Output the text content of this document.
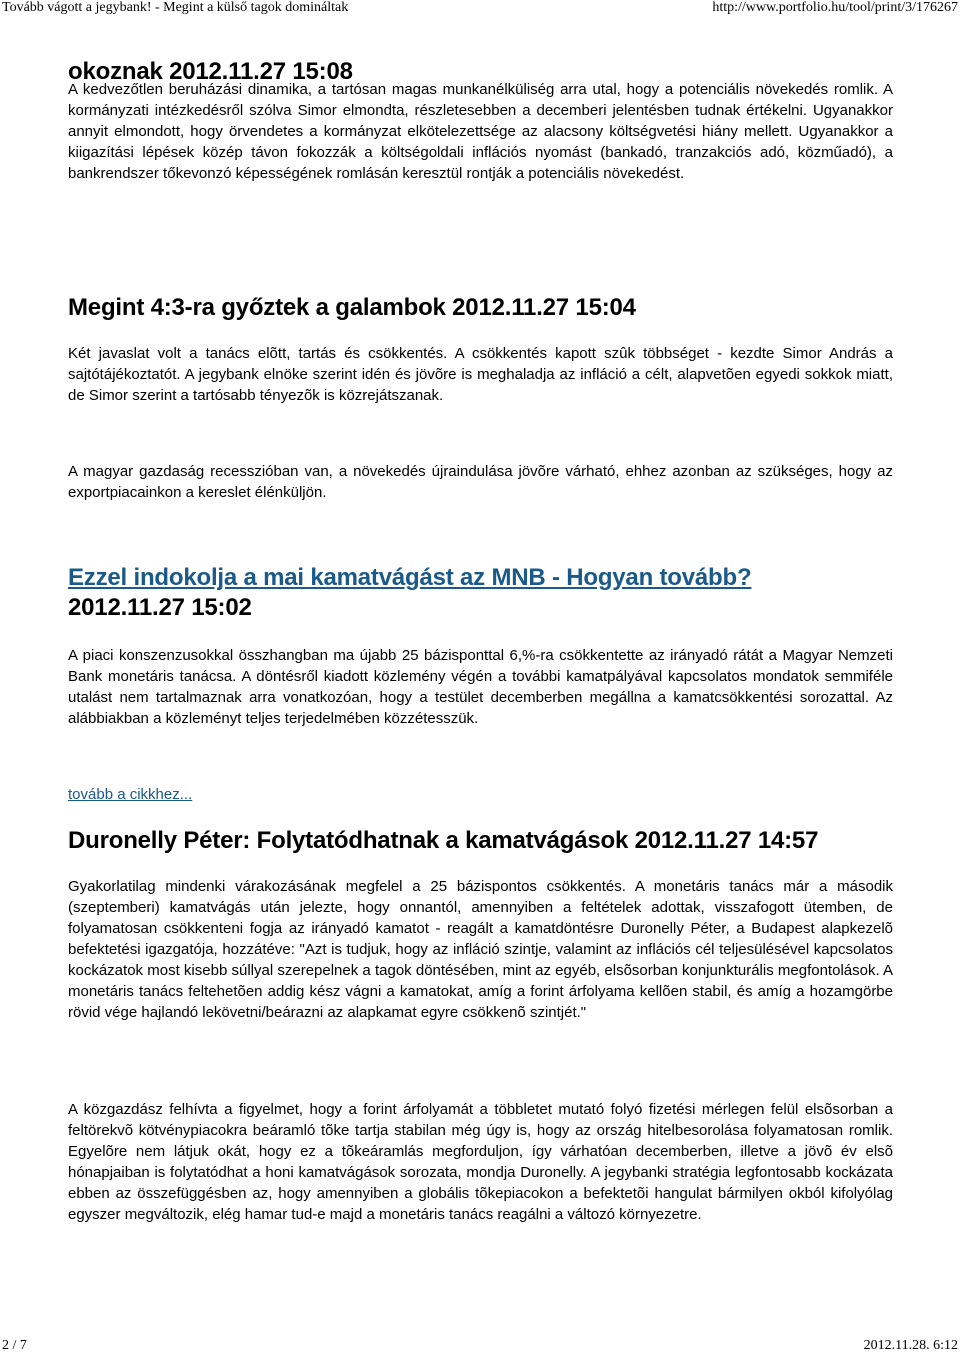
Tovább vágott a jegybank! - Megint a külső tagok domináltak	http://www.portfolio.hu/tool/print/3/176267
okoznak 2012.11.27 15:08

A kedvezőtlen beruházási dinamika, a tartósan magas munkanélküliség arra utal, hogy a potenciális növekedés romlik. A kormányzati intézkedésről szólva Simor elmondta, részletesebben a decemberi jelentésben tudnak értékelni. Ugyanakkor annyit elmondott, hogy örvendetes a kormányzat elkötelezettsége az alacsony költségvetési hiány mellett. Ugyanakkor a kiigazítási lépések közép távon fokozzák a költségoldali inflációs nyomást (bankadó, tranzakciós adó, közműadó), a bankrendszer tőkevonzó képességének romlásán keresztül rontják a potenciális növekedést.

Megint 4:3-ra győztek a galambok 2012.11.27 15:04

Két javaslat volt a tanács elõtt, tartás és csökkentés. A csökkentés kapott szûk többséget - kezdte Simor András a sajtótájékoztatót. A jegybank elnöke szerint idén és jövõre is meghaladja az infláció a célt, alapvetõen egyedi sokkok miatt, de Simor szerint a tartósabb tényezõk is közrejátszanak.

A magyar gazdaság recesszióban van, a növekedés újraindulása jövõre várható, ehhez azonban az szükséges, hogy az exportpiacainkon a kereslet élénküljön.

Ezzel indokolja a mai kamatvágást az MNB - Hogyan tovább?
2012.11.27 15:02

A piaci konszenzusokkal összhangban ma újabb 25 bázisponttal 6,%-ra csökkentette az irányadó rátát a Magyar Nemzeti Bank monetáris tanácsa. A döntésről kiadott közlemény végén a további kamatpályával kapcsolatos mondatok semmiféle utalást nem tartalmaznak arra vonatkozóan, hogy a testület decemberben megállna a kamatcsökkentési sorozattal. Az alábbiakban a közleményt teljes terjedelmében közzétesszük.

tovább a cikkhez...
Duronelly Péter: Folytatódhatnak a kamatvágások 2012.11.27 14:57

Gyakorlatilag mindenki várakozásának megfelel a 25 bázispontos csökkentés. A monetáris tanács már a második (szeptemberi) kamatvágás után jelezte, hogy onnantól, amennyiben a feltételek adottak, visszafogott ütemben, de folyamatosan csökkenteni fogja az irányadó kamatot - reagált a kamatdöntésre Duronelly Péter, a Budapest alapkezelõ befektetési igazgatója, hozzátéve: "Azt is tudjuk, hogy az infláció szintje, valamint az inflációs cél teljesülésével kapcsolatos kockázatok most kisebb súllyal szerepelnek a tagok döntésében, mint az egyéb, elsõsorban konjunkturális megfontolások. A monetáris tanács feltehetõen addig kész vágni a kamatokat, amíg a forint árfolyama kellõen stabil, és amíg a hozamgörbe rövid vége hajlandó lekövetni/beárazni az alapkamat egyre csökkenõ szintjét."

A közgazdász felhívta a figyelmet, hogy a forint árfolyamát a többletet mutató folyó fizetési mérlegen felül elsõsorban a feltörekvõ kötvénypiacokra beáramló tõke tartja stabilan még úgy is, hogy az ország hitelbesorolása folyamatosan romlik. Egyelõre nem látjuk okát, hogy ez a tõkeáramlás megforduljon, így várhatóan decemberben, illetve a jövõ év elsõ hónapjaiban is folytatódhat a honi kamatvágások sorozata, mondja Duronelly. A jegybanki stratégia legfontosabb kockázata ebben az összefüggésben az, hogy amennyiben a globális tõkepiacokon a befektetõi hangulat bármilyen okból kifolyólag egyszer megváltozik, elég hamar tud-e majd a monetáris tanács reagálni a változó környezetre.

2 / 7	2012.11.28. 6:12
